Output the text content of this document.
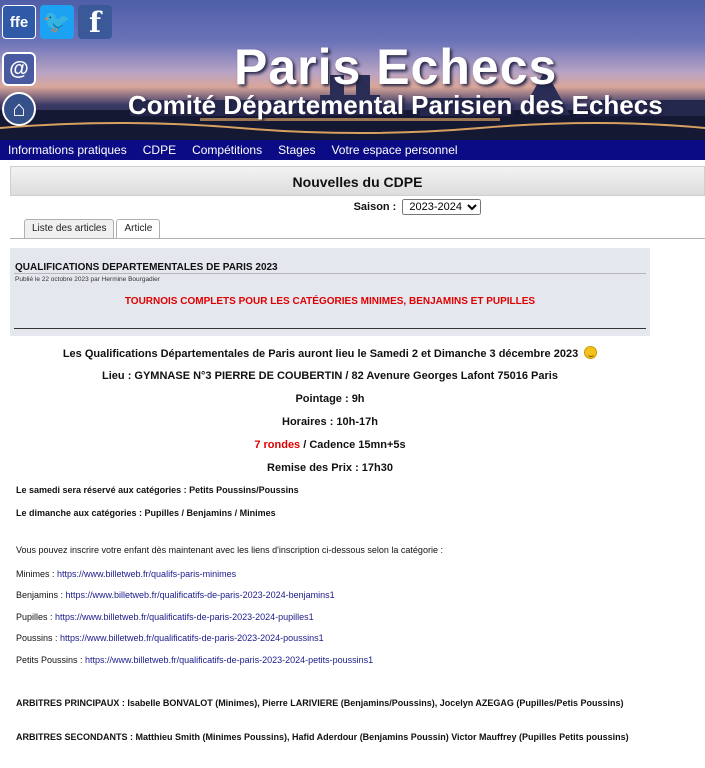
Paris Echecs
Comité Départemental Parisien des Echecs
ffe 🐦 f
@
⌂
Informations pratiques CDPE Compétitions Stages Votre espace personnel
Nouvelles du CDPE
Saison :
2023-2024
Liste des articles	Article
QUALIFICATIONS DEPARTEMENTALES DE PARIS 2023
Publié le 22 octobre 2023 par Hermine Bourgadier
TOURNOIS COMPLETS POUR LES CATÉGORIES MINIMES, BENJAMINS ET PUPILLES
Les Qualifications Départementales de Paris auront lieu le Samedi 2 et Dimanche 3 décembre 2023
Lieu : GYMNASE N°3 PIERRE DE COUBERTIN / 82 Avenure Georges Lafont 75016 Paris
Pointage : 9h
Horaires : 10h-17h
7 rondes / Cadence 15mn+5s
Remise des Prix : 17h30
Le samedi sera réservé aux catégories : Petits Poussins/Poussins
Le dimanche aux catégories : Pupilles / Benjamins / Minimes
Vous pouvez inscrire votre enfant dès maintenant avec les liens d'inscription ci-dessous selon la catégorie :
Minimes : https://www.billetweb.fr/qualifs-paris-minimes
Benjamins : https://www.billetweb.fr/qualificatifs-de-paris-2023-2024-benjamins1
Pupilles : https://www.billetweb.fr/qualificatifs-de-paris-2023-2024-pupilles1
Poussins : https://www.billetweb.fr/qualificatifs-de-paris-2023-2024-poussins1
Petits Poussins : https://www.billetweb.fr/qualificatifs-de-paris-2023-2024-petits-poussins1
ARBITRES PRINCIPAUX : Isabelle BONVALOT (Minimes), Pierre LARIVIERE (Benjamins/Poussins), Jocelyn AZEGAG (Pupilles/Petis Poussins)
ARBITRES SECONDANTS : Matthieu Smith (Minimes Poussins), Hafid Aderdour (Benjamins Poussin) Victor Mauffrey (Pupilles Petits poussins)
